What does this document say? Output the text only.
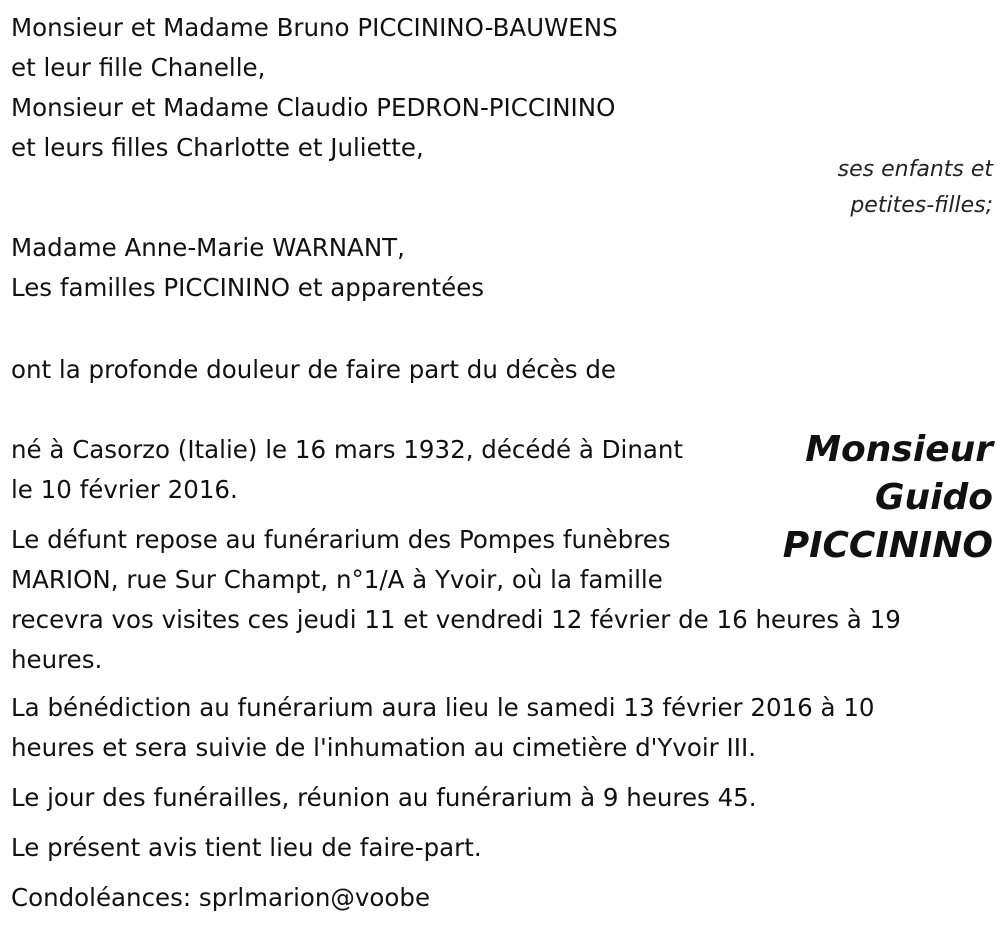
Monsieur et Madame Bruno PICCININO-BAUWENS
et leur fille Chanelle,
Monsieur et Madame Claudio PEDRON-PICCININO
et leurs filles Charlotte et Juliette,
ses enfants et
petites-filles;
Madame Anne-Marie WARNANT,
Les familles PICCININO et apparentées
ont la profonde douleur de faire part du décès de
Monsieur
Guido
PICCININO
né à Casorzo (Italie) le 16 mars 1932, décédé à Dinant
le 10 février 2016.
Le défunt repose au funérarium des Pompes funèbres
MARION, rue Sur Champt, n°1/A à Yvoir, où la famille
recevra vos visites ces jeudi 11 et vendredi 12 février de 16 heures à 19
heures.
La bénédiction au funérarium aura lieu le samedi 13 février 2016 à 10
heures et sera suivie de l'inhumation au cimetière d'Yvoir III.
Le jour des funérailles, réunion au funérarium à 9 heures 45.
Le présent avis tient lieu de faire-part.
Condoléances: sprlmarion@voobe
